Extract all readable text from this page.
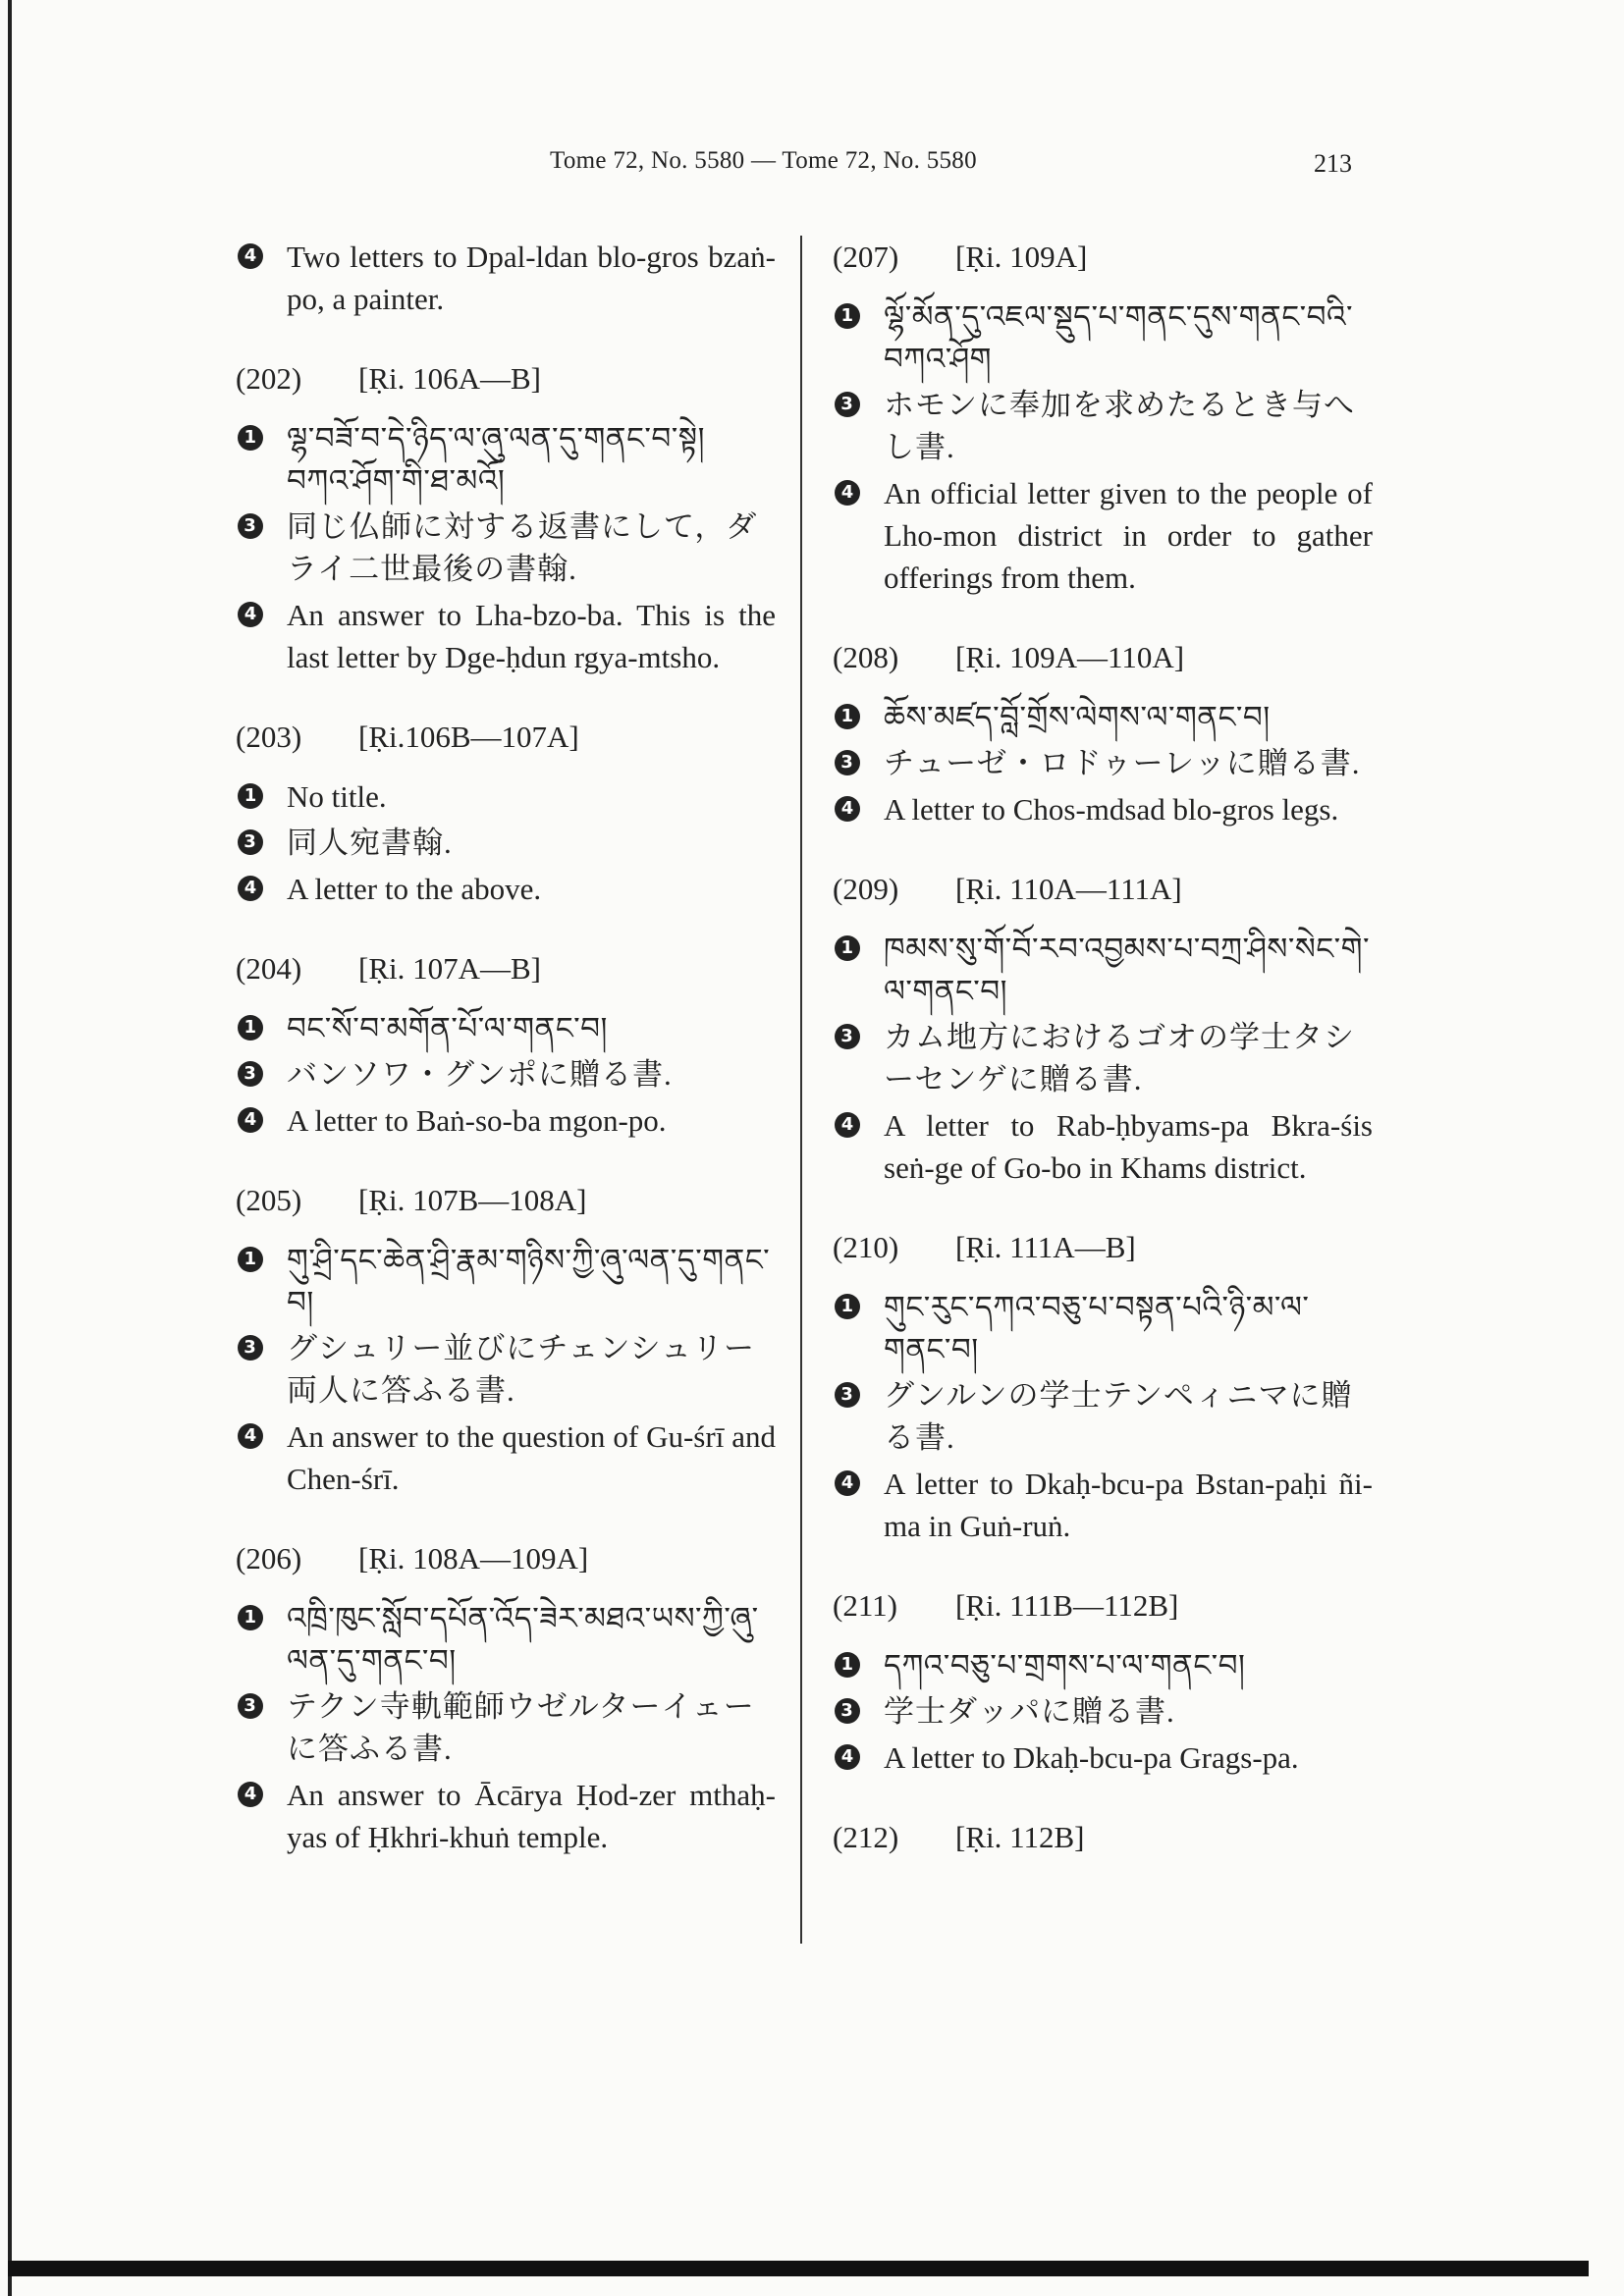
Tome 72, No. 5580 — Tome 72, No. 5580	213
4 Two letters to Dpal-ldan blo-gros bzaṅ-po, a painter.
(202)	[Ṛi. 106A—B]
1 ལྷ་བཟོ་བ་དེ་ཉིད་ལ་ཞུ་ལན་དུ་གནང་བ་སྟེ། བཀའ་ཤོག་གི་ཐ་མའོ།
3 同じ仏師に対する返書にして，ダライ二世最後の書翰.
4 An answer to Lha-bzo-ba. This is the last letter by Dge-ḥdun rgya-mtsho.
(203)	[Ṛi.106B—107A]
1 No title.
3 同人宛書翰.
4 A letter to the above.
(204)	[Ṛi. 107A—B]
1 བང་སོ་བ་མགོན་པོ་ལ་གནང་བ།
3 バンソワ・グンポに贈る書.
4 A letter to Baṅ-so-ba mgon-po.
(205)	[Ṛi. 107B—108A]
1 གུ་ཤྲི་དང་ཆེན་ཤྲི་རྣམ་གཉིས་ཀྱི་ཞུ་ལན་དུ་གནང་བ།
3 グシュリー並びにチェンシュリー両人に答ふる書.
4 An answer to the question of Gu-śrī and Chen-śrī.
(206)	[Ṛi. 108A—109A]
1 འཁྲི་ཁུང་སློབ་དཔོན་འོད་ཟེར་མཐའ་ཡས་ཀྱི་ཞུ་ལན་དུ་གནང་བ།
3 テクン寺軌範師ウゼルターイェーに答ふる書.
4 An answer to Ācārya Ḥod-zer mthaḥ-yas of Ḥkhri-khuṅ temple.
(207)	[Ṛi. 109A]
1 ལྷོ་མོན་དུ་འཇལ་སྡུད་པ་གནང་དུས་གནང་བའི་བཀའ་ཤོག
3 ホモンに奉加を求めたるとき与へし書.
4 An official letter given to the people of Lho-mon district in order to gather offerings from them.
(208)	[Ṛi. 109A—110A]
1 ཆོས་མཛད་བློ་གྲོས་ལེགས་ལ་གནང་བ།
3 チューゼ・ロドゥーレッに贈る書.
4 A letter to Chos-mdsad blo-gros legs.
(209)	[Ṛi. 110A—111A]
1 ཁམས་སུ་གོ་བོ་རབ་འབྱམས་པ་བཀྲ་ཤིས་སེང་གེ་ལ་གནང་བ།
3 カム地方におけるゴオの学士タシーセンゲに贈る書.
4 A letter to Rab-ḥbyams-pa Bkra-śis seṅ-ge of Go-bo in Khams district.
(210)	[Ṛi. 111A—B]
1 གུང་རུང་དཀའ་བཅུ་པ་བསྟན་པའི་ཉི་མ་ལ་གནང་བ།
3 グンルンの学士テンペィニマに贈る書.
4 A letter to Dkaḥ-bcu-pa Bstan-paḥi ñi-ma in Guṅ-ruṅ.
(211)	[Ṛi. 111B—112B]
1 དཀའ་བཅུ་པ་གྲགས་པ་ལ་གནང་བ།
3 学士ダッパに贈る書.
4 A letter to Dkaḥ-bcu-pa Grags-pa.
(212)	[Ṛi. 112B]
